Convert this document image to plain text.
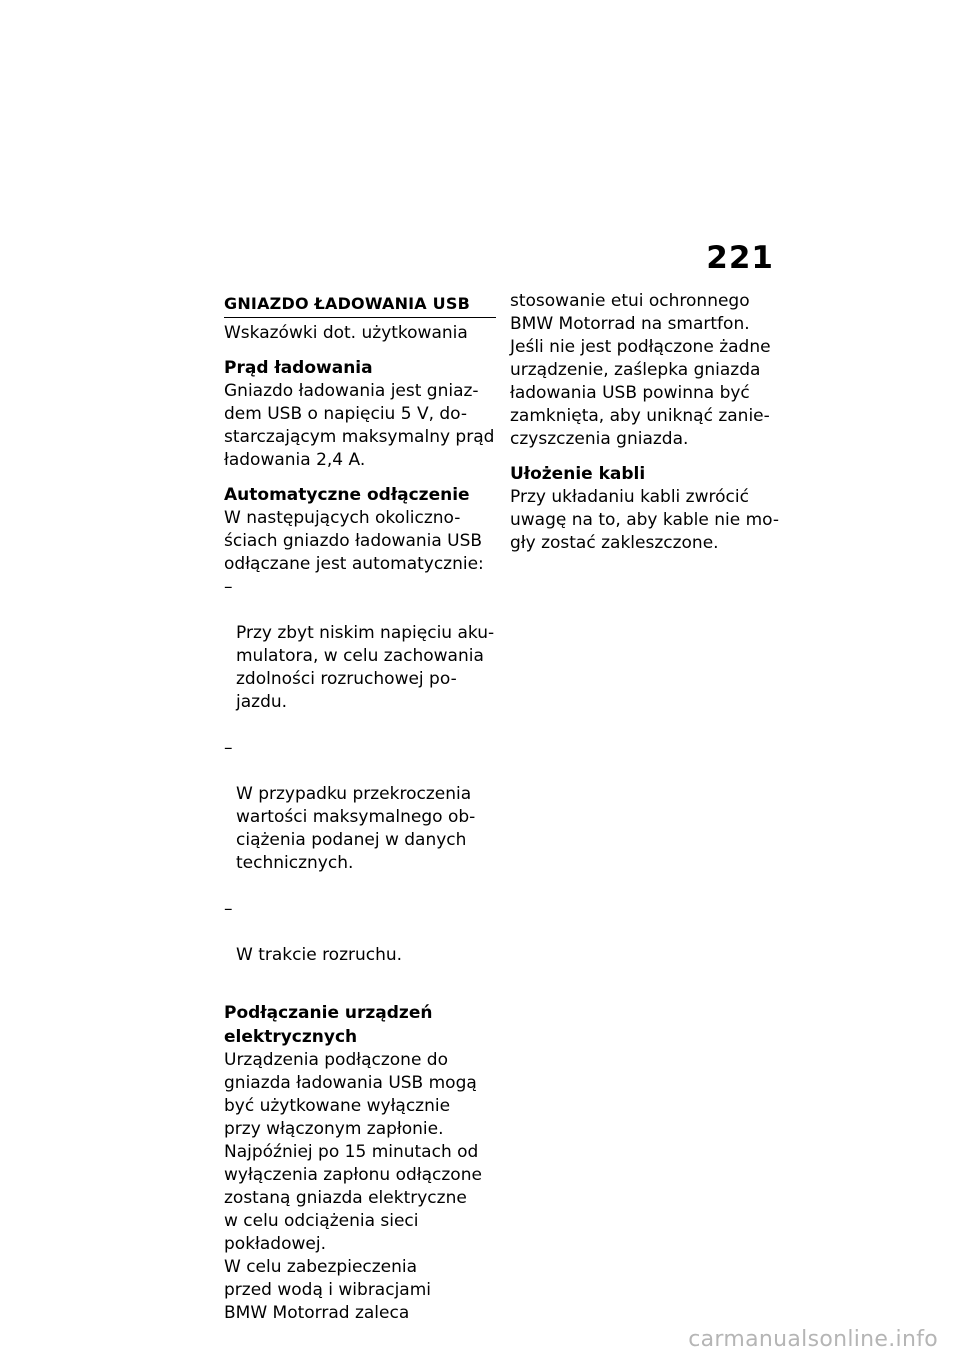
221
GNIAZDO ŁADOWANIA USB
Wskazówki dot. użytkowania
Prąd ładowania
Gniazdo ładowania jest gniaz-
dem USB o napięciu 5 V, do-
starczającym maksymalny prąd
ładowania 2,4 A.
Automatyczne odłączenie
W następujących okoliczno-
ściach gniazdo ładowania USB
odłączane jest automatycznie:

–

Przy zbyt niskim napięciu aku-
mulatora, w celu zachowania
zdolności rozruchowej po-
jazdu.

–

W przypadku przekroczenia
wartości maksymalnego ob-
ciążenia podanej w danych
technicznych.

–

W trakcie rozruchu.

Podłączanie urządzeń
elektrycznych
Urządzenia podłączone do
gniazda ładowania USB mogą
być użytkowane wyłącznie
przy włączonym zapłonie.
Najpóźniej po 15 minutach od
wyłączenia zapłonu odłączone
zostaną gniazda elektryczne
w celu odciążenia sieci
pokładowej.
W celu zabezpieczenia
przed wodą i wibracjami
BMW Motorrad zaleca
stosowanie etui ochronnego
BMW Motorrad na smartfon.
Jeśli nie jest podłączone żadne
urządzenie, zaślepka gniazda
ładowania USB powinna być
zamknięta, aby uniknąć zanie-
czyszczenia gniazda.
Ułożenie kabli
Przy układaniu kabli zwrócić
uwagę na to, aby kable nie mo-
gły zostać zakleszczone.
carmanualsonline.info
